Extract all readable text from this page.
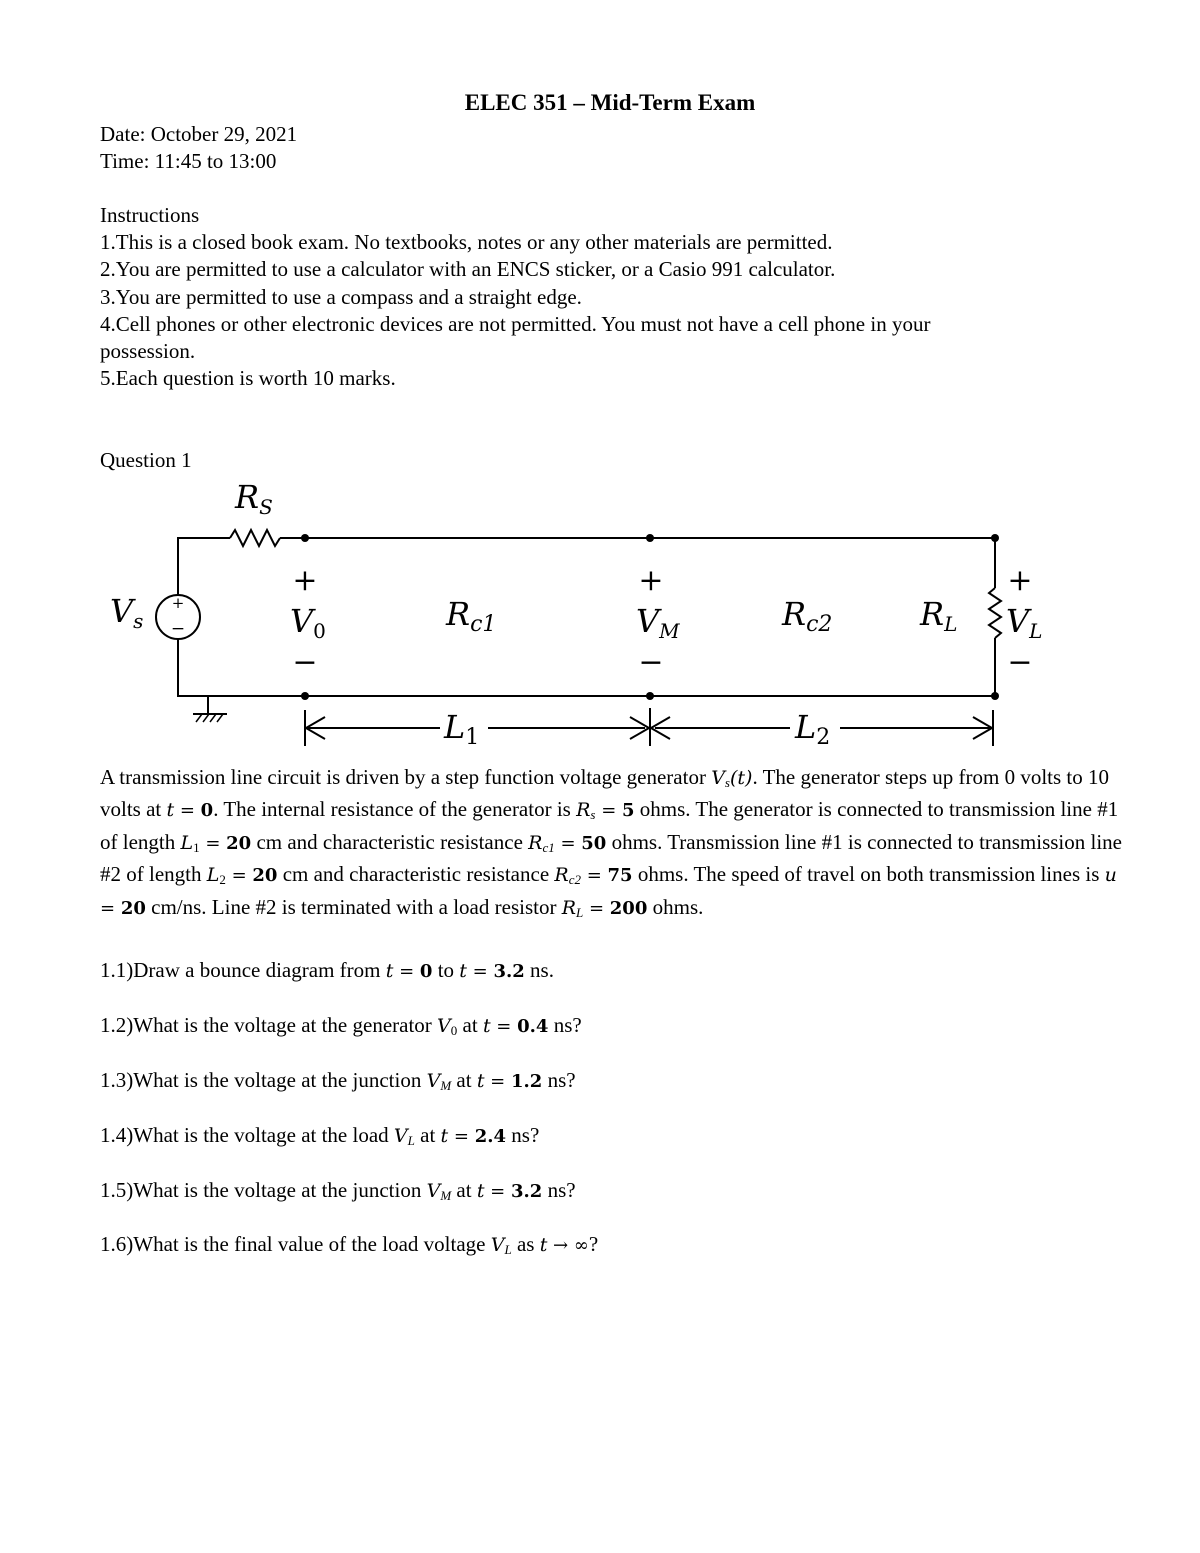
ELEC 351 – Mid-Term Exam
Date: October 29, 2021
Time: 11:45 to 13:00
Instructions
1.This is a closed book exam. No textbooks, notes or any other materials are permitted.
2.You are permitted to use a calculator with an ENCS sticker, or a Casio 991 calculator.
3.You are permitted to use a compass and a straight edge.
4.Cell phones or other electronic devices are not permitted. You must not have a cell phone in your
possession.
5.Each question is worth 10 marks.
Question 1
+
−
RS
Vs	V0	Rc1	VM	Rc2	RL VL
L1	L2
+
−
+
−
+
−
A transmission line circuit is driven by a step function voltage generator $V_s(t)$. The generator steps up from 0 volts to 10 volts at t = 0. The internal resistance of the generator is $R_s = 5$ ohms. The generator is connected to transmission line #1 of length $L_1 = 20$ cm and characteristic resistance $R_{c1} = 50$ ohms. Transmission line #1 is connected to transmission line #2 of length $L_2 = 20$ cm and characteristic resistance $R_{c2} = 75$ ohms. The speed of travel on both transmission lines is u = 20 cm/ns. Line #2 is terminated with a load resistor $R_L = 200$ ohms.
1.1)Draw a bounce diagram from t = 0 to t = 3.2 ns.
1.2)What is the voltage at the generator $V_0$ at t = 0.4 ns?
1.3)What is the voltage at the junction $V_M$ at t = 1.2 ns?
1.4)What is the voltage at the load $V_L$ at t = 2.4 ns?
1.5)What is the voltage at the junction $V_M$ at t = 3.2 ns?
1.6)What is the final value of the load voltage $V_L$ as t → ∞?
